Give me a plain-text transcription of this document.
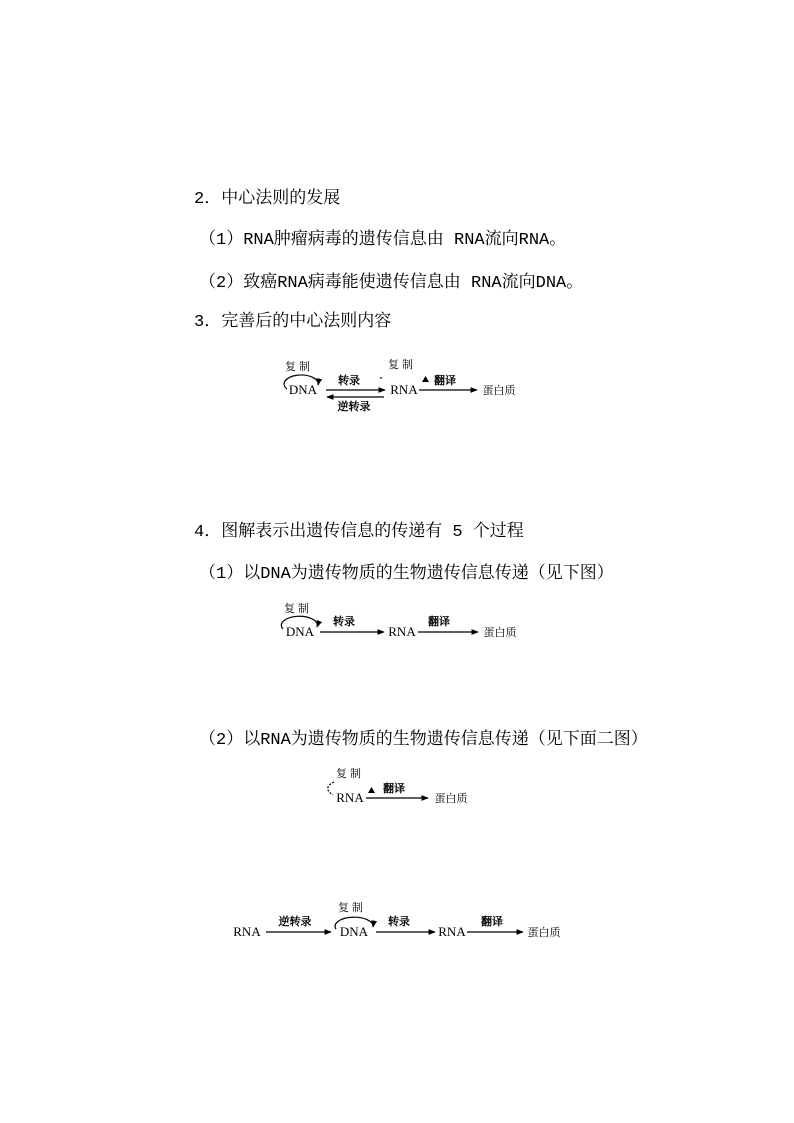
2．中心法则的发展
（1）RNA肿瘤病毒的遗传信息由 RNA流向RNA。
（2）致癌RNA病毒能使遗传信息由 RNA流向DNA。
3．完善后的中心法则内容
4．图解表示出遗传信息的传递有 5 个过程
（1）以DNA为遗传物质的生物遗传信息传递（见下图）
（2）以RNA为遗传物质的生物遗传信息传递（见下面二图）
复制
DNA
转录
逆转录
复制
RNA
翻译
蛋白质
复制
DNA
转录
RNA
翻译
蛋白质
复制
RNA
翻译
蛋白质
RNA
逆转录
复制
DNA
转录
RNA
翻译
蛋白质
